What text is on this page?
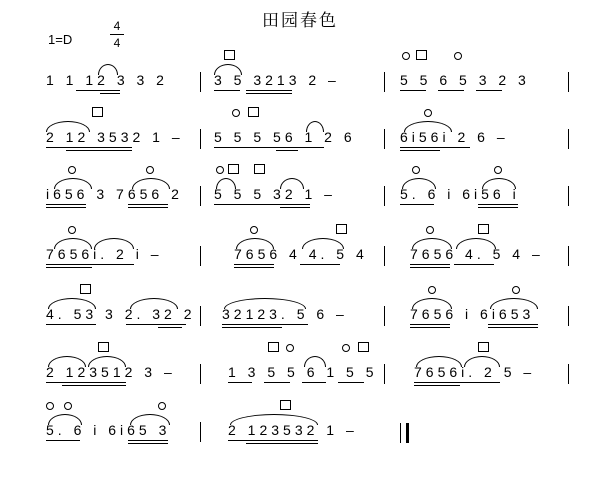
田园春色
1=D
4
4
1 1 12 3 3 2	3 5 3213 2 –	5 5 6 5 3 2 3
2 12 3532 1 – 5 5 5 56 1 2 6	6i56i 2 6 –
i656 3 7656 2 5 5 5 32 1 –	5. 6 i 6i56 i
7656i. 2 i –	7656 4 4. 5 4	7656 4. 5 4 –
4. 53 3 2. 32 2 32123. 5 6 –	7656 i 6i653
2 123512 3 –	1 3 5 5 6 1 5 5	7656i. 2 5 –
5. 6 i 6i65 3	2 123532 1 –
